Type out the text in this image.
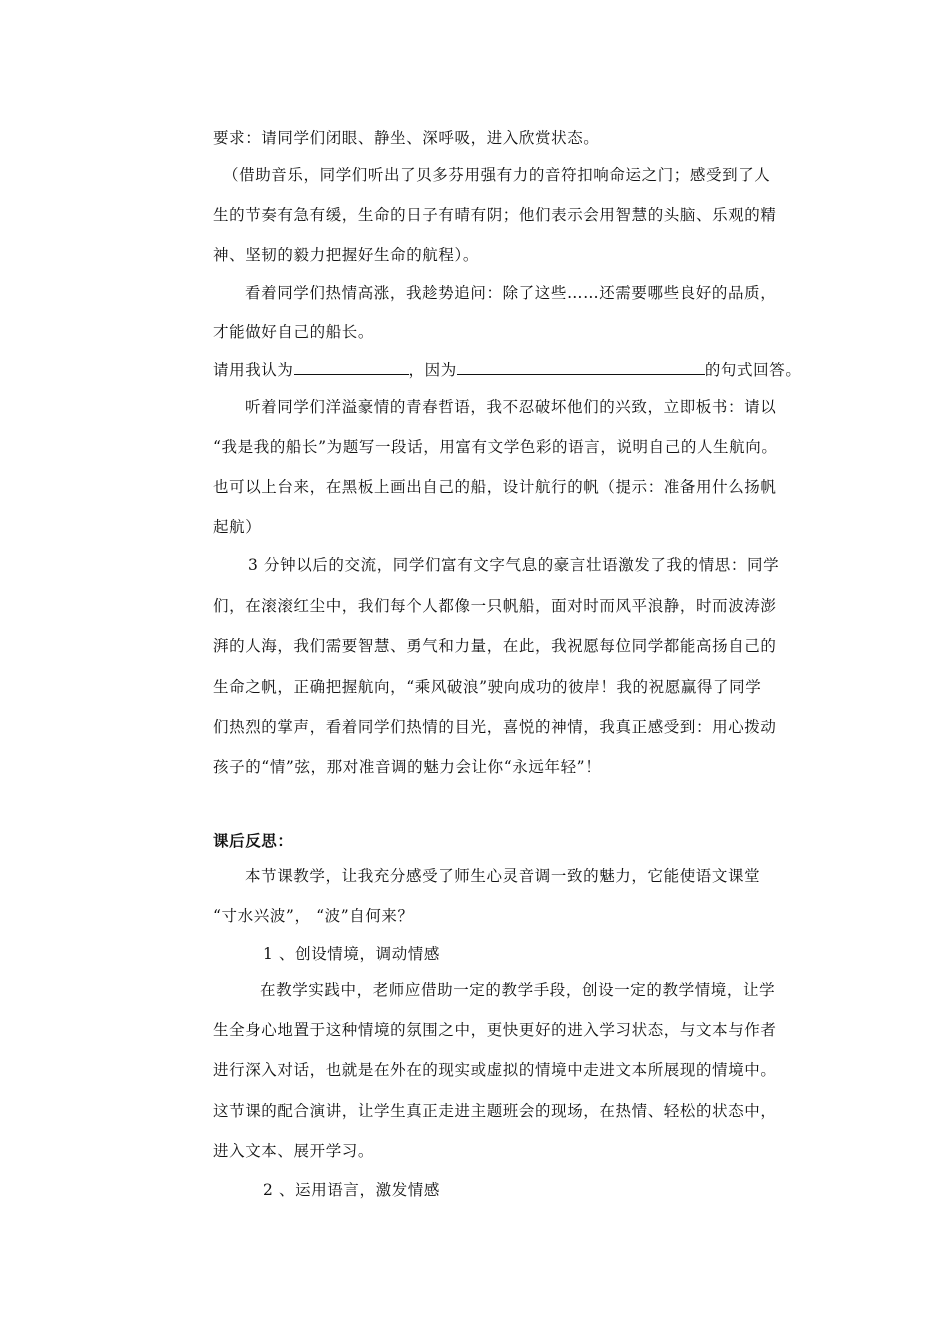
要求：请同学们闭眼、静坐、深呼吸，进入欣赏状态。
（借助音乐，同学们听出了贝多芬用强有力的音符扣响命运之门；感受到了人
生的节奏有急有缓，生命的日子有晴有阴；他们表示会用智慧的头脑、乐观的精
神、坚韧的毅力把握好生命的航程）。
看着同学们热情高涨，我趁势追问：除了这些……还需要哪些良好的品质，
才能做好自己的船长。
请用我认为	，因为	的句式回答。
听着同学们洋溢豪情的青春哲语，我不忍破坏他们的兴致，立即板书：请以
“我是我的船长”为题写一段话，用富有文学色彩的语言，说明自己的人生航向。
也可以上台来，在黑板上画出自己的船，设计航行的帆（提示：准备用什么扬帆
起航）
3 分钟以后的交流，同学们富有文字气息的豪言壮语激发了我的情思：同学
们，在滚滚红尘中，我们每个人都像一只帆船，面对时而风平浪静，时而波涛澎
湃的人海，我们需要智慧、勇气和力量，在此，我祝愿每位同学都能高扬自己的
生命之帆，正确把握航向，“乘风破浪”驶向成功的彼岸！我的祝愿赢得了同学
们热烈的掌声，看着同学们热情的目光，喜悦的神情，我真正感受到：用心拨动
孩子的“情”弦，那对准音调的魅力会让你“永远年轻”！
课后反思：
本节课教学，让我充分感受了师生心灵音调一致的魅力，它能使语文课堂
“寸水兴波”， “波”自何来？
1 、创设情境，调动情感
在教学实践中，老师应借助一定的教学手段，创设一定的教学情境，让学
生全身心地置于这种情境的氛围之中，更快更好的进入学习状态，与文本与作者
进行深入对话，也就是在外在的现实或虚拟的情境中走进文本所展现的情境中。
这节课的配合演讲，让学生真正走进主题班会的现场，在热情、轻松的状态中，
进入文本、展开学习。
2 、运用语言，激发情感
